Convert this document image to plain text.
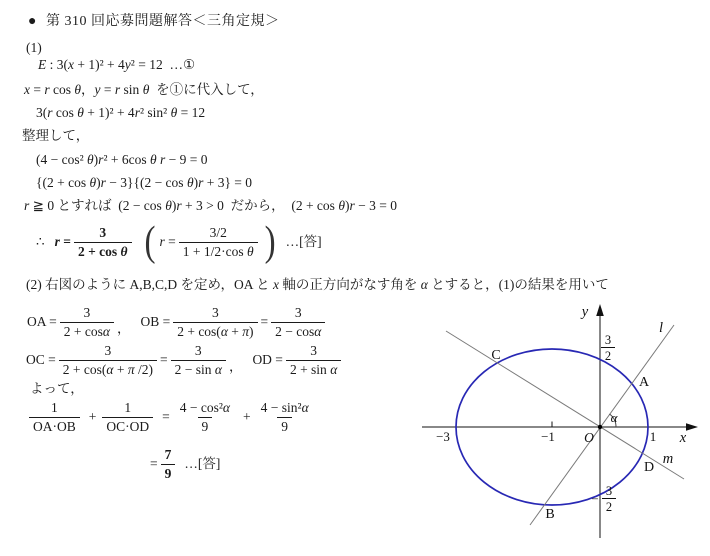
● 第 310 回応募問題解答＜三角定規＞
(1)
E : 3(x + 1)² + 4y² = 12  …①
x = r cos θ，y = r sin θ  を①に代入して，
3(r cos θ + 1)² + 4r² sin² θ = 12
整理して，
(4 − cos² θ)r² + 6cos θ r − 9 = 0
{(2 + cos θ)r − 3}{(2 − cos θ)r + 3} = 0
r ≧ 0 とすれば  (2 − cos θ)r + 3 > 0  だから，  (2 + cos θ)r − 3 = 0
∴ $r = \frac{3}{\text{2 + cos θ}}$ ( $r = \frac{3/2}{\text{1 + 1/2·cos θ}}$ ) …[答]
(2) 右図のように A,B,C,D を定め，OA と x 軸の正方向がなす角を α とすると，(1)の結果を用いて
OA = $\frac{3}{2 + \cos\alpha}$ ， OB = $\frac{3}{2 + \cos(\alpha + \pi)} = \frac{3}{2 - \cos\alpha}$
OC = $\frac{3}{2 + \cos(\alpha + \pi /2)} = \frac{3}{\text{2 − sin α}}$ ， OD = $\frac{3}{\text{2 + sin α}}$
よって，
$\frac{1}{OA\cdot OB} + \frac{1}{OC\cdot OD} = \frac{\text{4 − cos²α}}{9} + \frac{\text{4 − sin²α}}{9}$
= $\frac{7}{9}$ …[答]
y
x
l
m
O
−3	−1	1
α
A
B
C
D
3
2
−
3
2
